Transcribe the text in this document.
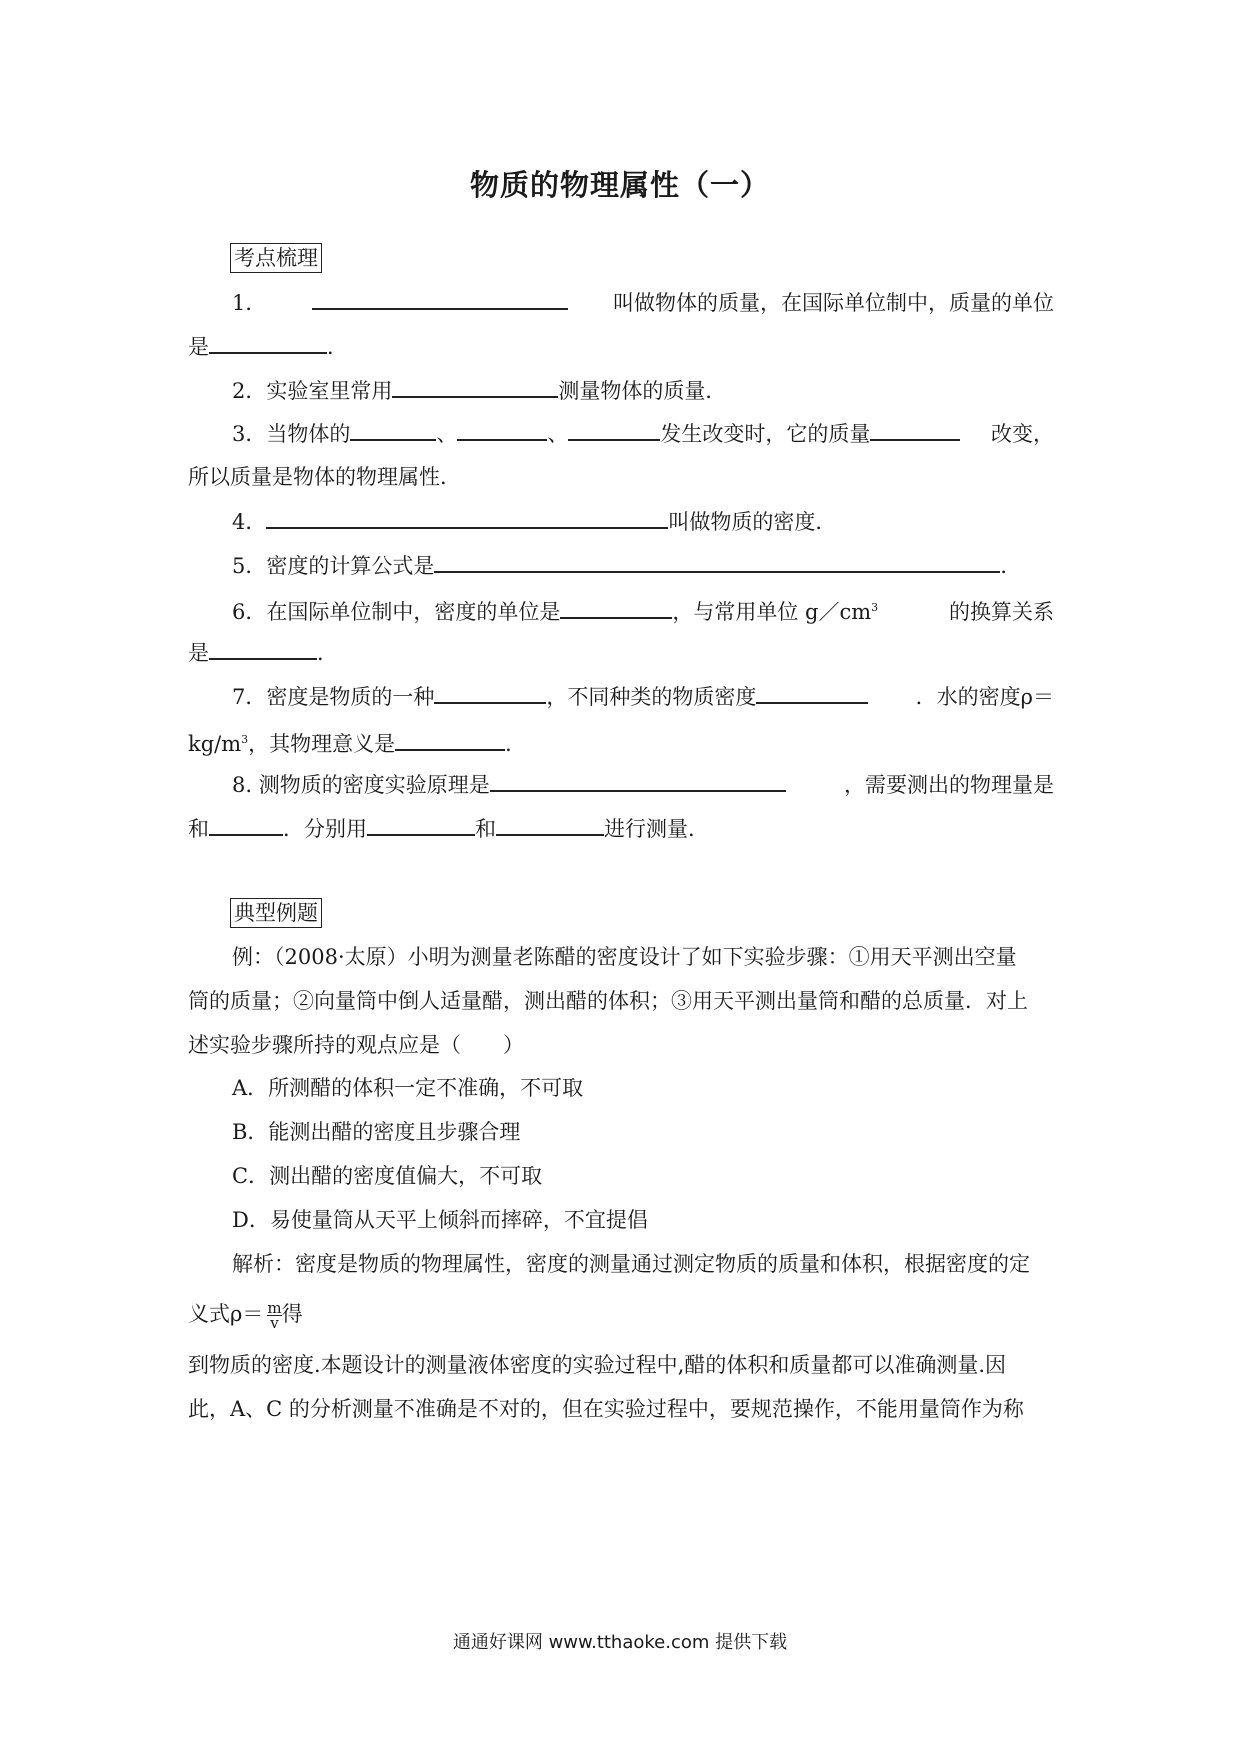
物质的物理属性（一）
考点梳理
1．	叫做物体的质量，在国际单位制中，质量的单位
是	．
2．实验室里常用	测量物体的质量．
3．当物体的	、	、	发生改变时，它的质量	改变，
所以质量是物体的物理属性．
4．	叫做物质的密度．
5．密度的计算公式是	．
6．在国际单位制中，密度的单位是	，与常用单位 $g/cm^3$	的换算关系
是	．
7．密度是物质的一种	，不同种类的物质密度	．水的密度ρ＝
$kg/m^3$，其物理意义是	．
8. 测物质的密度实验原理是	，需要测出的物理量是
和	．分别用	和	进行测量．
典型例题
例：（2008·太原）小明为测量老陈醋的密度设计了如下实验步骤：①用天平测出空量
筒的质量；②向量筒中倒人适量醋，测出醋的体积；③用天平测出量筒和醋的总质量．对上
述实验步骤所持的观点应是（　　）
A．所测醋的体积一定不准确，不可取
B．能测出醋的密度且步骤合理
C．测出醋的密度值偏大，不可取
D．易使量筒从天平上倾斜而摔碎，不宜提倡
解析：密度是物质的物理属性，密度的测量通过测定物质的质量和体积，根据密度的定
义式$\rho= \frac{m}{v}$ 得
到物质的密度.本题设计的测量液体密度的实验过程中,醋的体积和质量都可以准确测量.因
此，A、C 的分析测量不准确是不对的，但在实验过程中，要规范操作，不能用量筒作为称
通通好课网 www.tthaoke.com 提供下载
